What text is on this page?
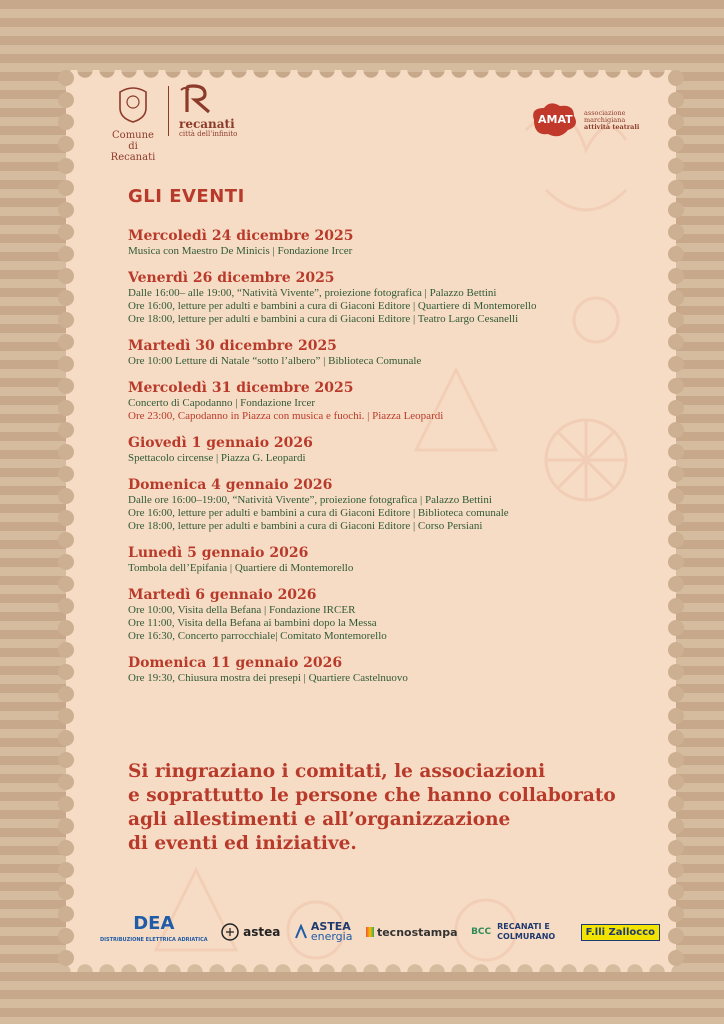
Comune di Recanati
recanati
città dell'infinito
AMAT
associazione
marchigiana
attività teatrali
GLI EVENTI
Mercoledì 24 dicembre 2025
Musica con Maestro De Minicis | Fondazione Ircer
Venerdì 26 dicembre 2025
Dalle 16:00– alle 19:00, “Natività Vivente”, proiezione fotografica | Palazzo Bettini
Ore 16:00, letture per adulti e bambini a cura di Giaconi Editore | Quartiere di Montemorello
Ore 18:00, letture per adulti e bambini a cura di Giaconi Editore | Teatro Largo Cesanelli
Martedì 30 dicembre 2025
Ore 10:00 Letture di Natale “sotto l’albero” | Biblioteca Comunale
Mercoledì 31 dicembre 2025
Concerto di Capodanno | Fondazione Ircer
Ore 23:00, Capodanno in Piazza con musica e fuochi. | Piazza Leopardi
Giovedì 1 gennaio 2026
Spettacolo circense | Piazza G. Leopardi
Domenica 4 gennaio 2026
Dalle ore 16:00–19:00, “Natività Vivente”, proiezione fotografica | Palazzo Bettini
Ore 16:00, letture per adulti e bambini a cura di Giaconi Editore | Biblioteca comunale
Ore 18:00, letture per adulti e bambini a cura di Giaconi Editore | Corso Persiani
Lunedì 5 gennaio 2026
Tombola dell’Epifania | Quartiere di Montemorello
Martedì 6 gennaio 2026
Ore 10:00, Visita della Befana | Fondazione IRCER
Ore 11:00, Visita della Befana ai bambini dopo la Messa
Ore 16:30, Concerto parrocchiale| Comitato Montemorello
Domenica 11 gennaio 2026
Ore 19:30, Chiusura mostra dei presepi | Quartiere Castelnuovo
Si ringraziano i comitati, le associazioni
e soprattutto le persone che hanno collaborato
agli allestimenti e all’organizzazione
di eventi ed iniziative.
DEA
DISTRIBUZIONE ELETTRICA ADRIATICA
astea	ASTEA
energia tecnostampa BCC
RECANATI E COLMURANO	F.lli Zallocco
